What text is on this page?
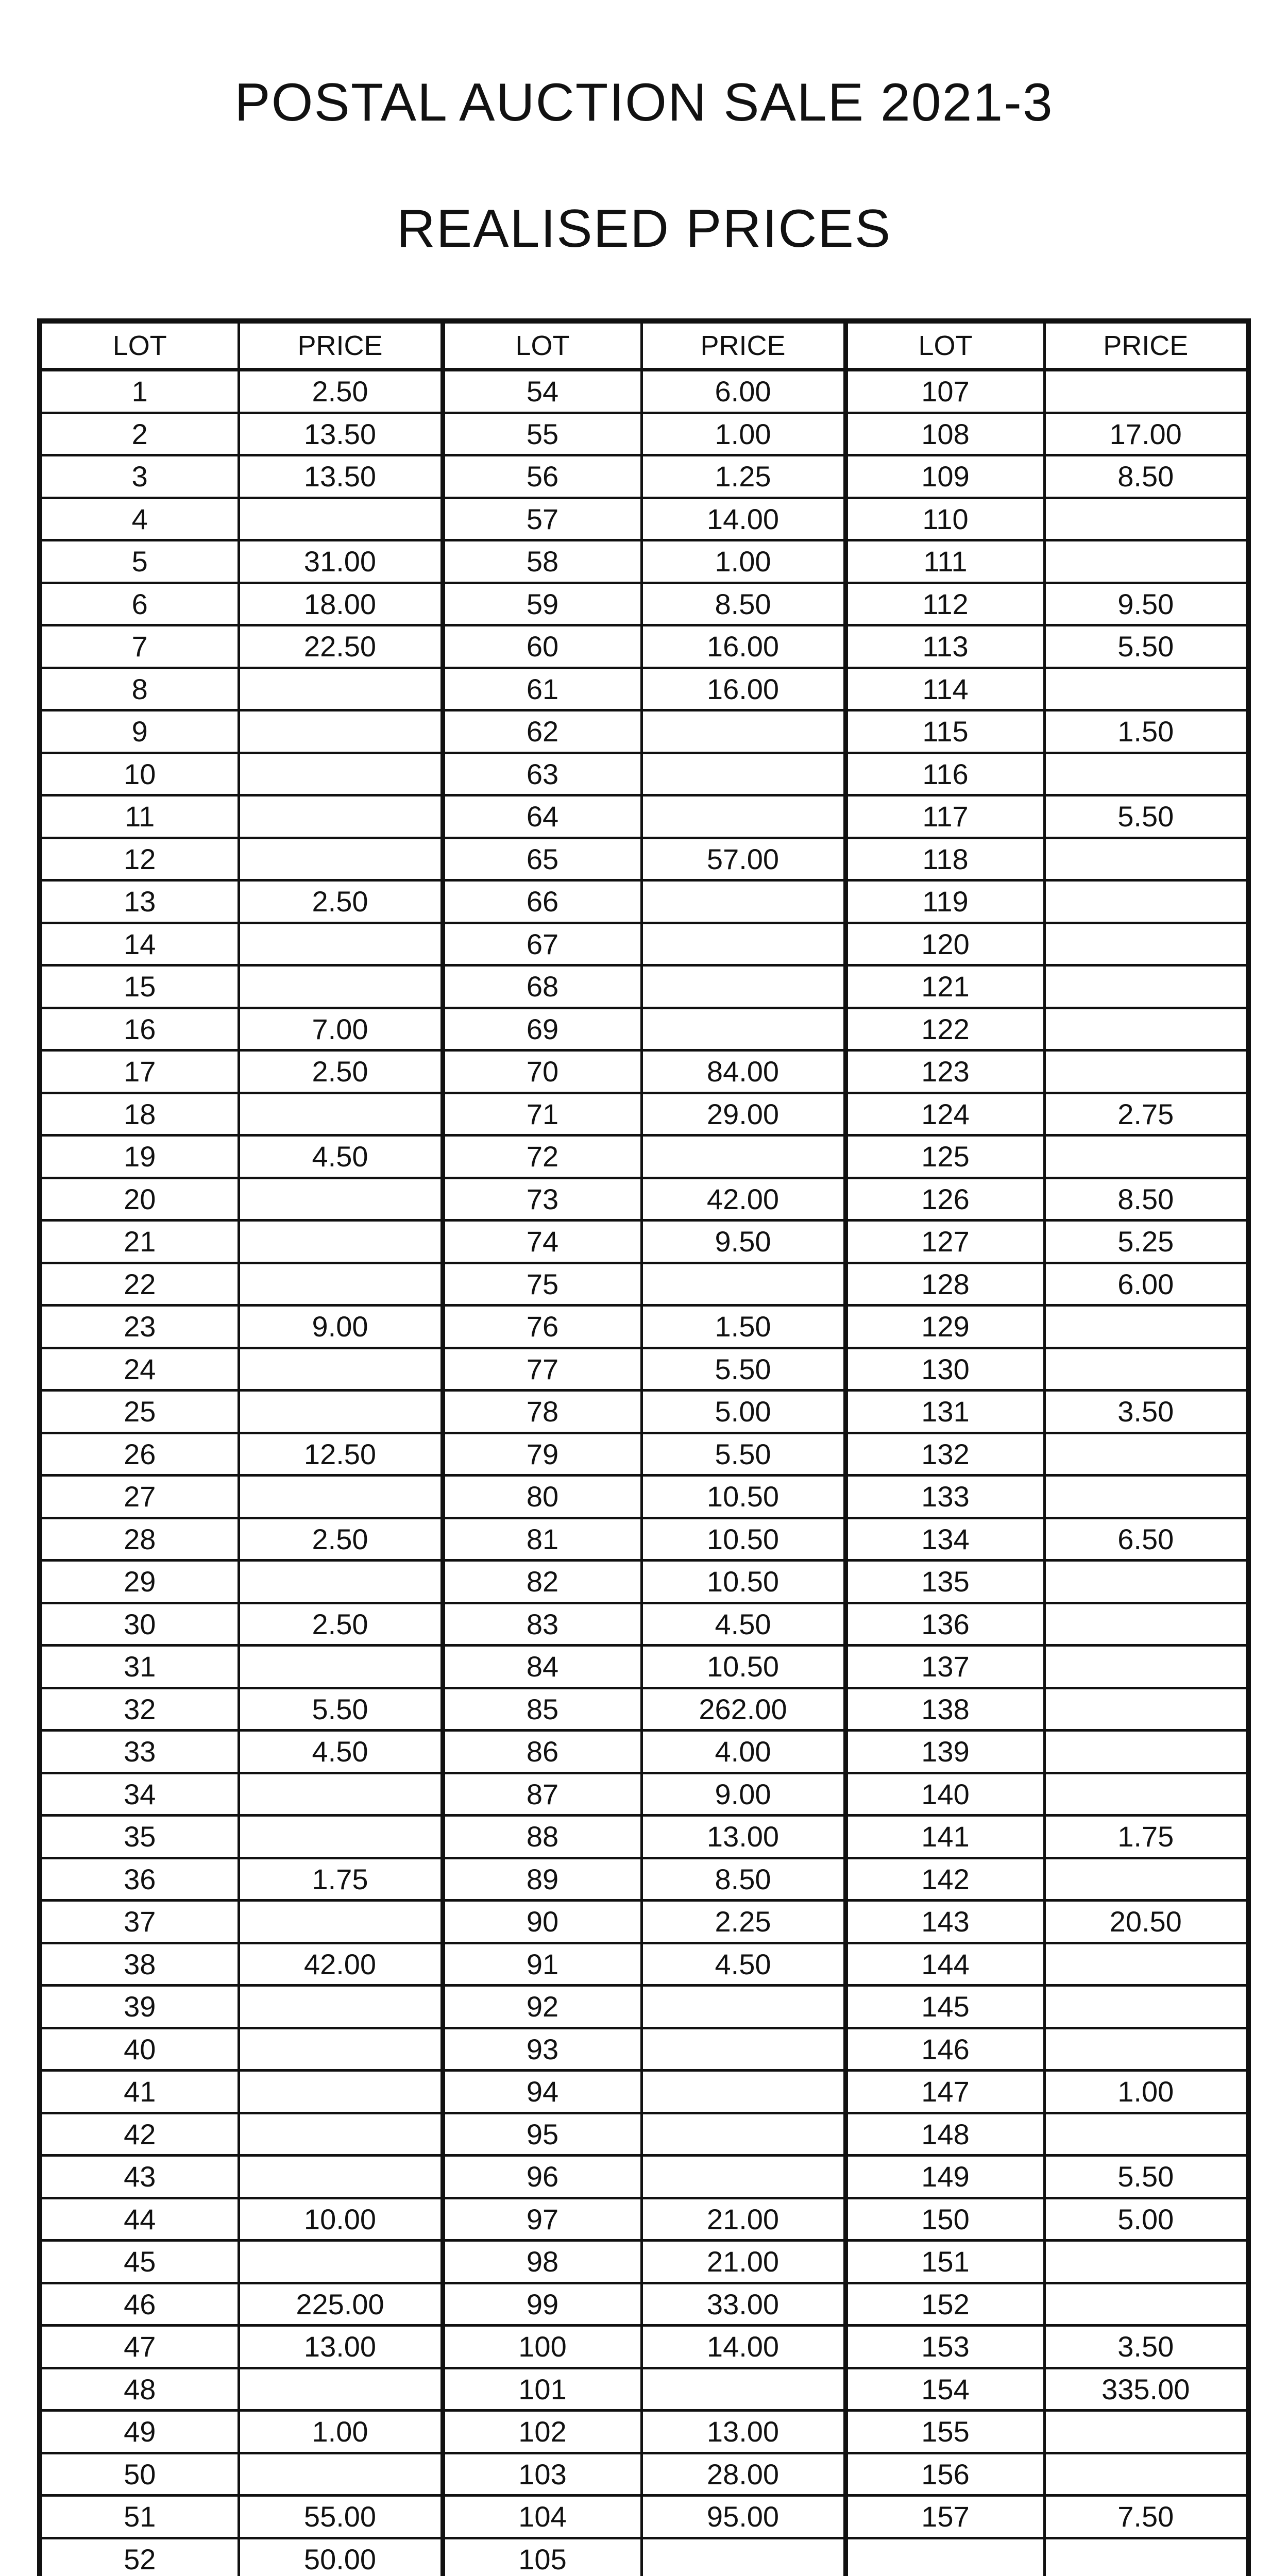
POSTAL AUCTION SALE 2021-3
REALISED PRICES
LOT	PRICE	LOT	PRICE	LOT	PRICE
1	2.50	54	6.00	107	
2	13.50	55	1.00	108	17.00
3	13.50	56	1.25	109	8.50
4		57	14.00	110	
5	31.00	58	1.00	111	
6	18.00	59	8.50	112	9.50
7	22.50	60	16.00	113	5.50
8		61	16.00	114	
9		62		115	1.50
10		63		116	
11		64		117	5.50
12		65	57.00	118	
13	2.50	66		119	
14		67		120	
15		68		121	
16	7.00	69		122	
17	2.50	70	84.00	123	
18		71	29.00	124	2.75
19	4.50	72		125	
20		73	42.00	126	8.50
21		74	9.50	127	5.25
22		75		128	6.00
23	9.00	76	1.50	129	
24		77	5.50	130	
25		78	5.00	131	3.50
26	12.50	79	5.50	132	
27		80	10.50	133	
28	2.50	81	10.50	134	6.50
29		82	10.50	135	
30	2.50	83	4.50	136	
31		84	10.50	137	
32	5.50	85	262.00	138	
33	4.50	86	4.00	139	
34		87	9.00	140	
35		88	13.00	141	1.75
36	1.75	89	8.50	142	
37		90	2.25	143	20.50
38	42.00	91	4.50	144	
39		92		145	
40		93		146	
41		94		147	1.00
42		95		148	
43		96		149	5.50
44	10.00	97	21.00	150	5.00
45		98	21.00	151	
46	225.00	99	33.00	152	
47	13.00	100	14.00	153	3.50
48		101		154	335.00
49	1.00	102	13.00	155	
50		103	28.00	156	
51	55.00	104	95.00	157	7.50
52	50.00	105			
